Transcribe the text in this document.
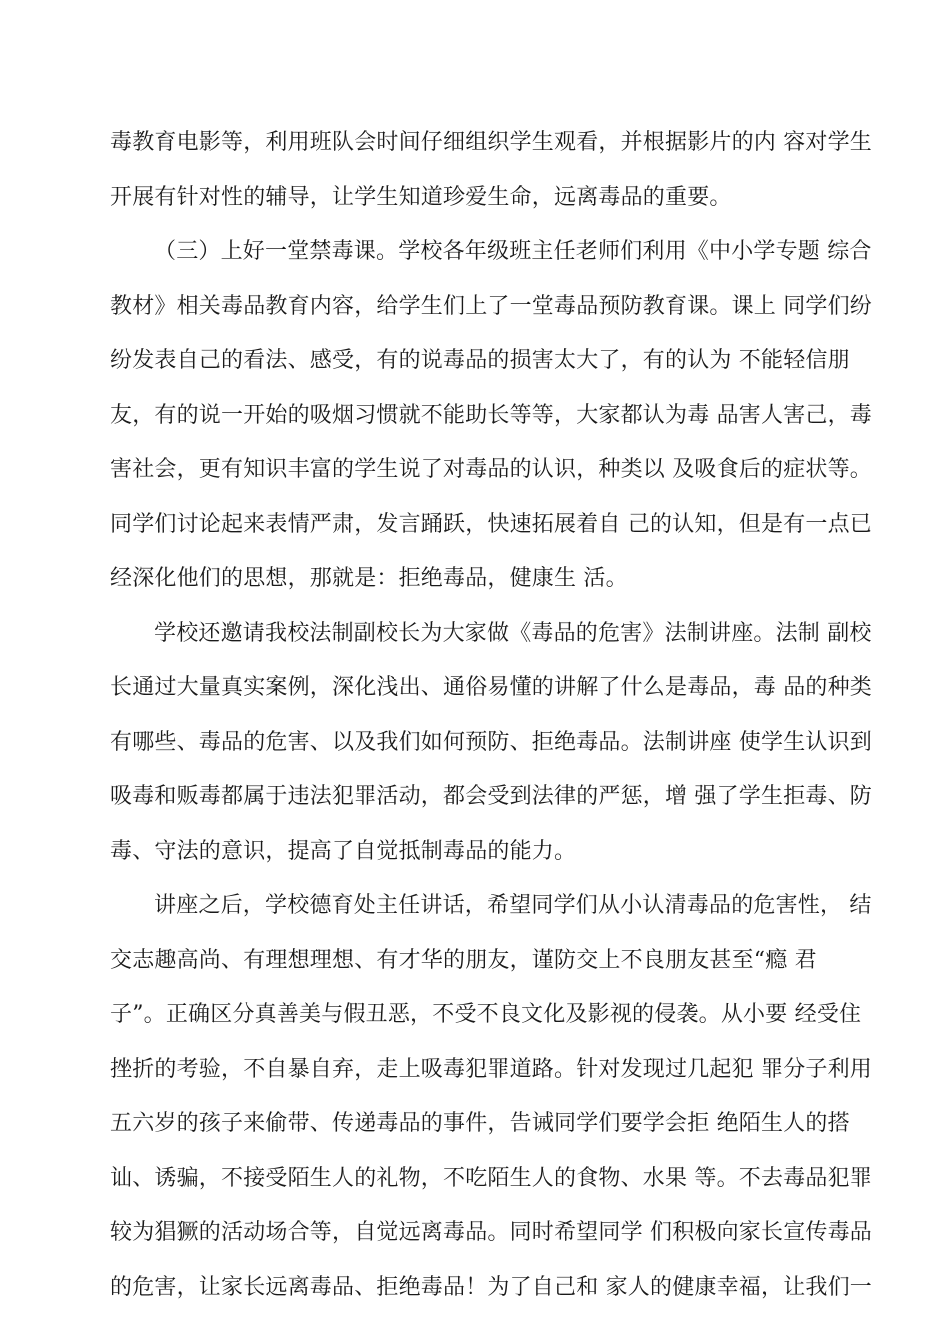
毒教育电影等，利用班队会时间仔细组织学生观看，并根据影片的内 容对学生
开展有针对性的辅导，让学生知道珍爱生命，远离毒品的重要。
（三）上好一堂禁毒课。学校各年级班主任老师们利用《中小学专题 综合
教材》相关毒品教育内容，给学生们上了一堂毒品预防教育课。课上 同学们纷
纷发表自己的看法、感受，有的说毒品的损害太大了，有的认为 不能轻信朋
友，有的说一开始的吸烟习惯就不能助长等等，大家都认为毒 品害人害己，毒
害社会，更有知识丰富的学生说了对毒品的认识，种类以 及吸食后的症状等。
同学们讨论起来表情严肃，发言踊跃，快速拓展着自 己的认知，但是有一点已
经深化他们的思想，那就是：拒绝毒品，健康生 活。
学校还邀请我校法制副校长为大家做《毒品的危害》法制讲座。法制 副校
长通过大量真实案例，深化浅出、通俗易懂的讲解了什么是毒品，毒 品的种类
有哪些、毒品的危害、以及我们如何预防、拒绝毒品。法制讲座 使学生认识到
吸毒和贩毒都属于违法犯罪活动，都会受到法律的严惩，增 强了学生拒毒、防
毒、守法的意识，提高了自觉抵制毒品的能力。
讲座之后，学校德育处主任讲话，希望同学们从小认清毒品的危害性， 结
交志趣高尚、有理想理想、有才华的朋友，谨防交上不良朋友甚至“瘾 君
子”。正确区分真善美与假丑恶，不受不良文化及影视的侵袭。从小要 经受住
挫折的考验，不自暴自弃，走上吸毒犯罪道路。针对发现过几起犯 罪分子利用
五六岁的孩子来偷带、传递毒品的事件，告诫同学们要学会拒 绝陌生人的搭
讪、诱骗，不接受陌生人的礼物，不吃陌生人的食物、水果 等。不去毒品犯罪
较为猖獗的活动场合等，自觉远离毒品。同时希望同学 们积极向家长宣传毒品
的危害，让家长远离毒品、拒绝毒品！为了自己和 家人的健康幸福，让我们一
